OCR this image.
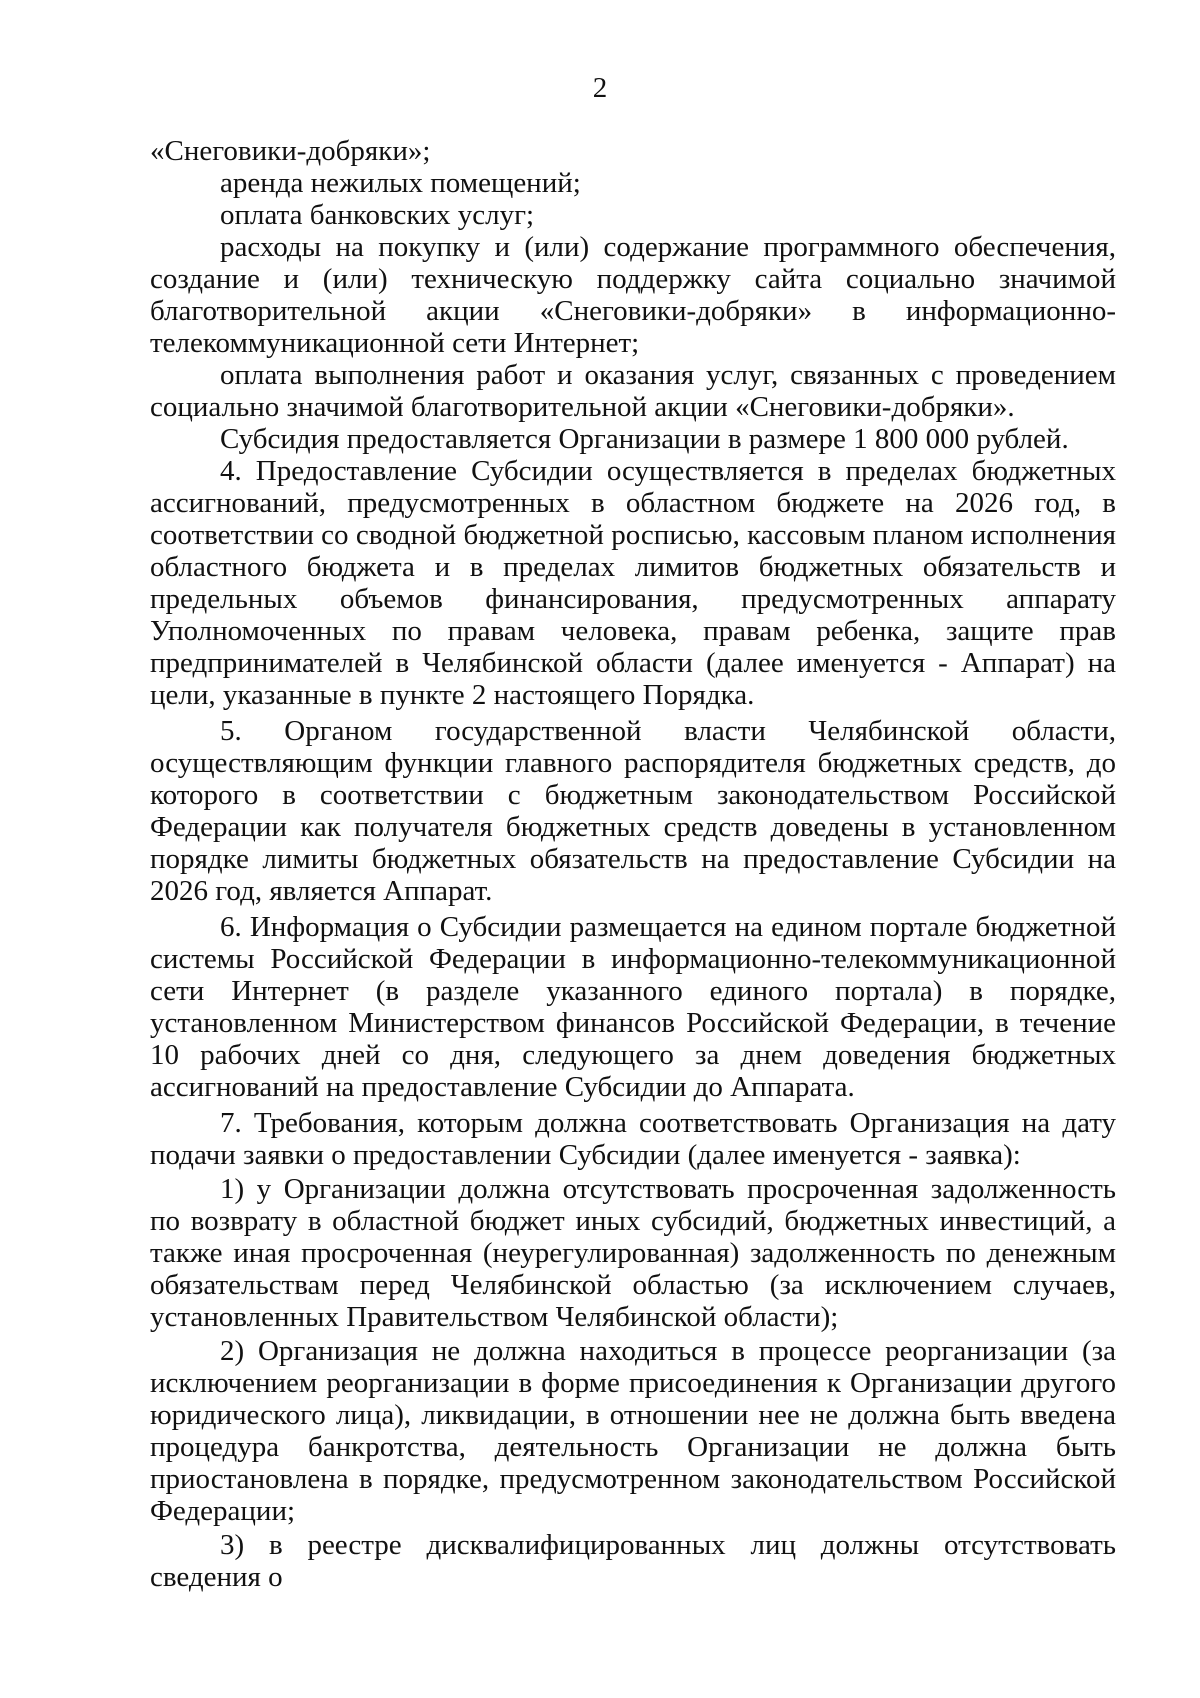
2

«Снеговики-добряки»;

аренда нежилых помещений;

оплата банковских услуг;

расходы на покупку и (или) содержание программного обеспечения, создание и (или) техническую поддержку сайта социально значимой благотворительной акции «Снеговики-добряки» в информационно-телекоммуникационной сети Интернет;

оплата выполнения работ и оказания услуг, связанных с проведением социально значимой благотворительной акции «Снеговики-добряки».

Субсидия предоставляется Организации в размере 1 800 000 рублей.

4. Предоставление Субсидии осуществляется в пределах бюджетных ассигнований, предусмотренных в областном бюджете на 2026 год, в соответствии со сводной бюджетной росписью, кассовым планом исполнения областного бюджета и в пределах лимитов бюджетных обязательств и предельных объемов финансирования, предусмотренных аппарату Уполномоченных по правам человека, правам ребенка, защите прав предпринимателей в Челябинской области (далее именуется - Аппарат) на цели, указанные в пункте 2 настоящего Порядка.

5. Органом государственной власти Челябинской области, осуществляющим функции главного распорядителя бюджетных средств, до которого в соответствии с бюджетным законодательством Российской Федерации как получателя бюджетных средств доведены в установленном порядке лимиты бюджетных обязательств на предоставление Субсидии на 2026 год, является Аппарат.

6. Информация о Субсидии размещается на едином портале бюджетной системы Российской Федерации в информационно-телекоммуникационной сети Интернет (в разделе указанного единого портала) в порядке, установленном Министерством финансов Российской Федерации, в течение 10 рабочих дней со дня, следующего за днем доведения бюджетных ассигнований на предоставление Субсидии до Аппарата.

7. Требования, которым должна соответствовать Организация на дату подачи заявки о предоставлении Субсидии (далее именуется - заявка):

1) у Организации должна отсутствовать просроченная задолженность по возврату в областной бюджет иных субсидий, бюджетных инвестиций, а также иная просроченная (неурегулированная) задолженность по денежным обязательствам перед Челябинской областью (за исключением случаев, установленных Правительством Челябинской области);

2) Организация не должна находиться в процессе реорганизации (за исключением реорганизации в форме присоединения к Организации другого юридического лица), ликвидации, в отношении нее не должна быть введена процедура банкротства, деятельность Организации не должна быть приостановлена в порядке, предусмотренном законодательством Российской Федерации;

3) в реестре дисквалифицированных лиц должны отсутствовать сведения о
